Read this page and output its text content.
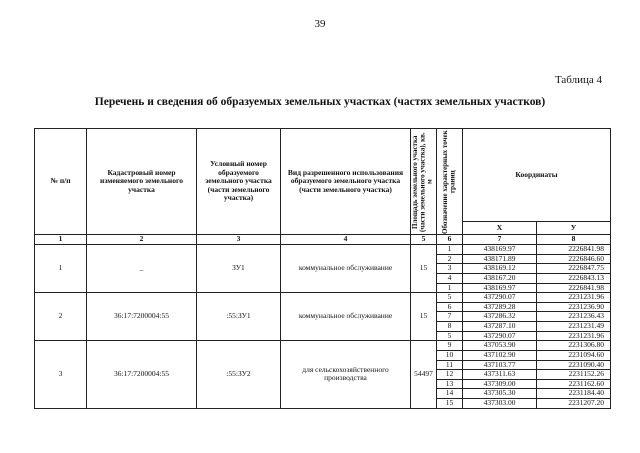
39
Таблица 4
Перечень и сведения об образуемых земельных участках (частях земельных участков)
№ п/п	Кадастровый номер изменяемого земельного участка	Условный номер образуемого земельного участка (части земельного участка)	Вид разрешенного использования образуемого земельного участка (части земельного участка)	Площадь земельного участка (части земельного участка), кв. м	Обозначение характерных точек границ	Координаты	
						X	У
1	2	3	4	5	6	7	8
1	_	ЗУ1	коммунальное обслуживание	15	1	438169.97	2226841.98
					2	438171.89	2226846.60
					3	438169.12	2226847.75
					4	438167.20	2226843.13
					1	438169.97	2226841.98
2	36:17:7200004:55	:55:ЗУ1	коммунальное обслуживание	15	5	437290.07	2231231.96
					6	437289.28	2231236.90
					7	437286.32	2231236.43
					8	437287.10	2231231.49
					5	437290.07	2231231.96
3	36:17:7200004:55	:55:ЗУ2	для сельскохозяйственного производства	54497	9	437053.90	2231306.80
					10	437102.90	2231094.60
					11	437103.77	2231090.40
					12	437311.63	2231152.26
					13	437309.00	2231162.60
					14	437305.30	2231184.40
					15	437303.00	2231207.20
